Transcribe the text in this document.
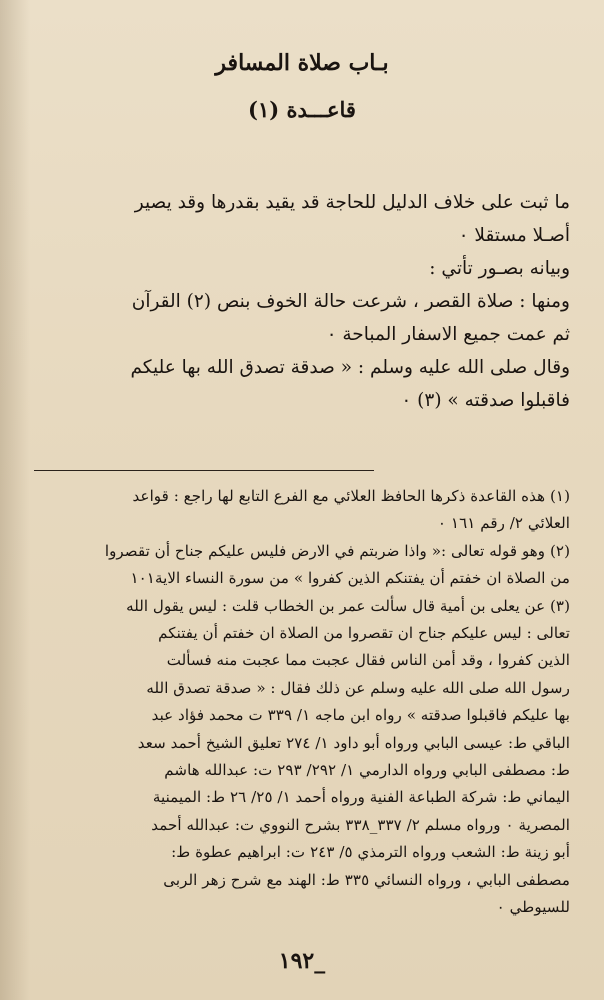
بـاب صلاة المسافر
قاعـــدة (١)

ما ثبت على خلاف الدليل للحاجة قد يقيد بقدرها وقد يصير

أصـلا مستقلا ٠

وبيانه بصـور تأتي :

ومنها : صلاة القصر ، شرعت حالة الخوف بنص (٢) القرآن

ثم عمت جميع الاسفار المباحة ٠

وقال صلى الله عليه وسلم : « صدقة تصدق الله بها عليكم

فاقبلوا صدقته » (٣) ٠

(١) هذه القاعدة ذكرها الحافظ العلائي مع الفرع التابع لها راجع : قواعد
العلائي ٢/ رقم ١٦١ ٠
(٢) وهو قوله تعالى :« واذا ضربتم في الارض فليس عليكم جناح أن تقصروا
من الصلاة ان خفتم أن يفتنكم الذين كفروا » من سورة النساء الاية١٠١
(٣) عن يعلى بن أمية قال سألت عمر بن الخطاب قلت : ليس يقول الله
تعالى : ليس عليكم جناح ان تقصروا من الصلاة ان خفتم أن يفتنكم
الذين كفروا ، وقد أمن الناس فقال عجبت مما عجبت منه فسألت
رسول الله صلى الله عليه وسلم عن ذلك فقال : « صدقة تصدق الله
بها عليكم فاقبلوا صدقته » رواه ابن ماجه ١/ ٣٣٩ ت محمد فؤاد عبد
الباقي ط: عيسى البابي ورواه أبو داود ١/ ٢٧٤ تعليق الشيخ أحمد سعد
ط: مصطفى البابي ورواه الدارمي ١/ ٢٩٢/ ٢٩٣ ت: عبدالله هاشم
اليماني ط: شركة الطباعة الفنية ورواه أحمد ١/ ٢٥/ ٢٦ ط: الميمنية
المصرية ٠ ورواه مسلم ٢/ ٣٣٧_٣٣٨ بشرح النووي ت: عبدالله أحمد
أبو زينة ط: الشعب ورواه الترمذي ٥/ ٢٤٣ ت: ابراهيم عطوة ط:
مصطفى البابي ، ورواه النسائي ٣٣٥ ط: الهند مع شرح زهر الربى
للسيوطي ٠
_١٩٢
